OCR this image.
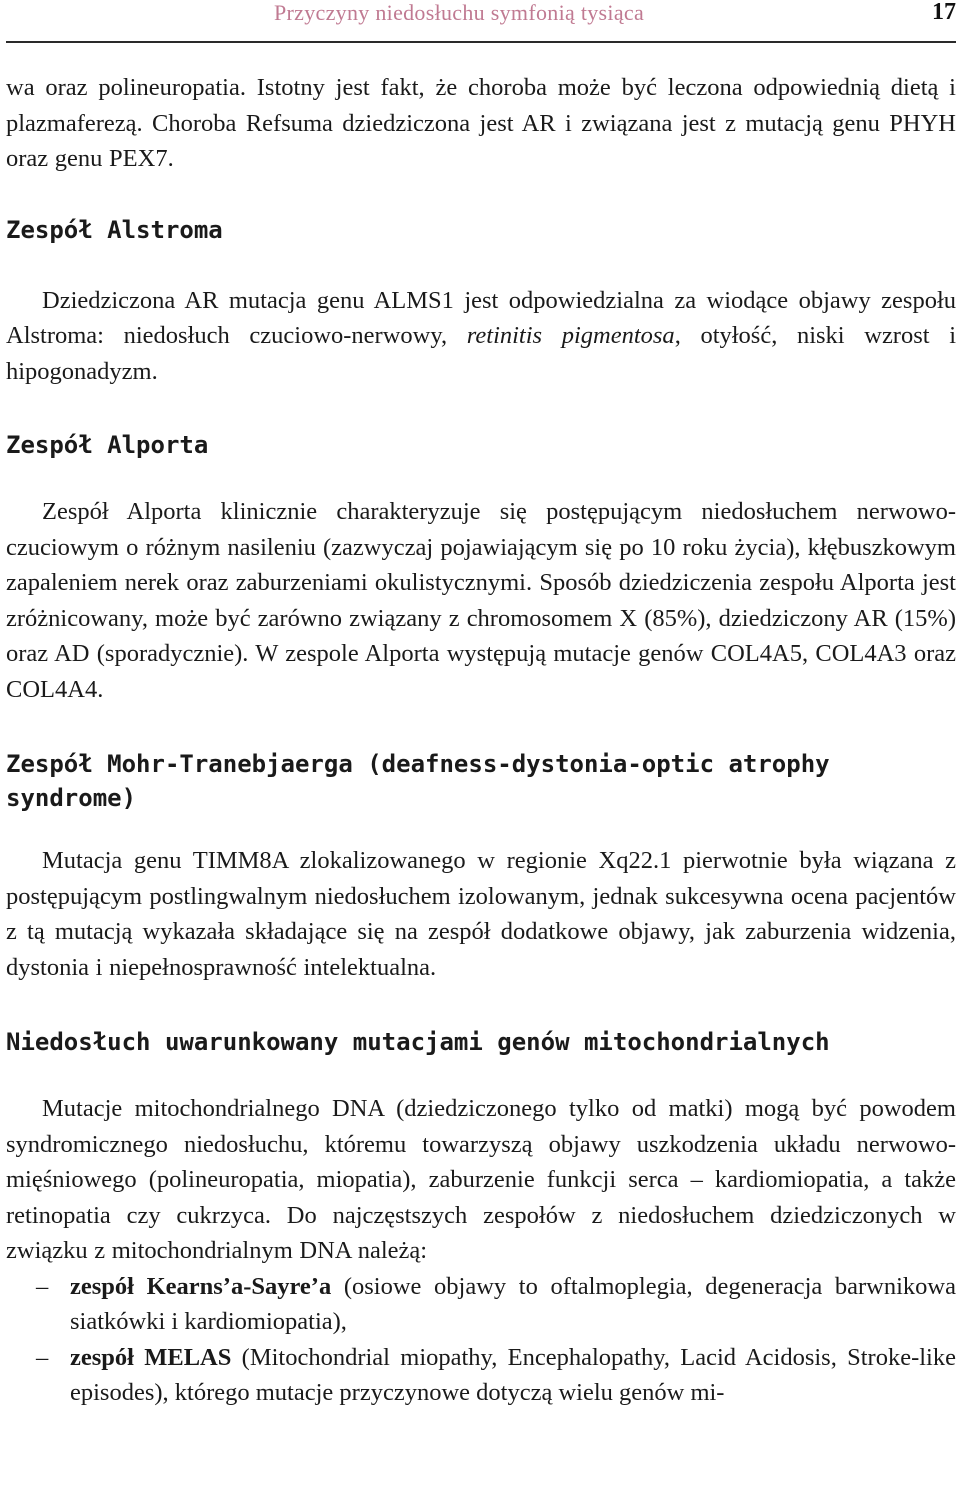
Przyczyny niedosłuchu symfonią tysiąca	17

wa oraz polineuropatia. Istotny jest fakt, że choroba może być leczona odpowiednią dietą i plazmaferezą. Choroba Refsuma dziedziczona jest AR i związana jest z mutacją genu PHYH oraz genu PEX7.

Zespół Alstroma

Dziedziczona AR mutacja genu ALMS1 jest odpowiedzialna za wiodące objawy zespołu Alstroma: niedosłuch czuciowo-nerwowy, retinitis pigmentosa, otyłość, niski wzrost i hipogonadyzm.

Zespół Alporta

Zespół Alporta klinicznie charakteryzuje się postępującym niedosłuchem nerwowo-czuciowym o różnym nasileniu (zazwyczaj pojawiającym się po 10 roku życia), kłębuszkowym zapaleniem nerek oraz zaburzeniami okulistycznymi. Sposób dziedziczenia zespołu Alporta jest zróżnicowany, może być zarówno związany z chromosomem X (85%), dziedziczony AR (15%) oraz AD (sporadycznie). W zespole Alporta występują mutacje genów COL4A5, COL4A3 oraz COL4A4.

Zespół Mohr-Tranebjaerga (deafness-dystonia-optic atrophy syndrome)

Mutacja genu TIMM8A zlokalizowanego w regionie Xq22.1 pierwotnie była wiązana z postępującym postlingwalnym niedosłuchem izolowanym, jednak sukcesywna ocena pacjentów z tą mutacją wykazała składające się na zespół dodatkowe objawy, jak zaburzenia widzenia, dystonia i niepełnosprawność intelektualna.

Niedosłuch uwarunkowany mutacjami genów mitochondrialnych

Mutacje mitochondrialnego DNA (dziedziczonego tylko od matki) mogą być powodem syndromicznego niedosłuchu, któremu towarzyszą objawy uszkodzenia układu nerwowo-mięśniowego (polineuropatia, miopatia), zaburzenie funkcji serca – kardiomiopatia, a także retinopatia czy cukrzyca. Do najczęstszych zespołów z niedosłuchem dziedziczonych w związku z mitochondrialnym DNA należą:

– zespół Kearns’a-Sayre’a (osiowe objawy to oftalmoplegia, degeneracja barwnikowa siatkówki i kardiomiopatia),
– zespół MELAS (Mitochondrial miopathy, Encephalopathy, Lacid Acidosis, Stroke-like episodes), którego mutacje przyczynowe dotyczą wielu genów mi-
